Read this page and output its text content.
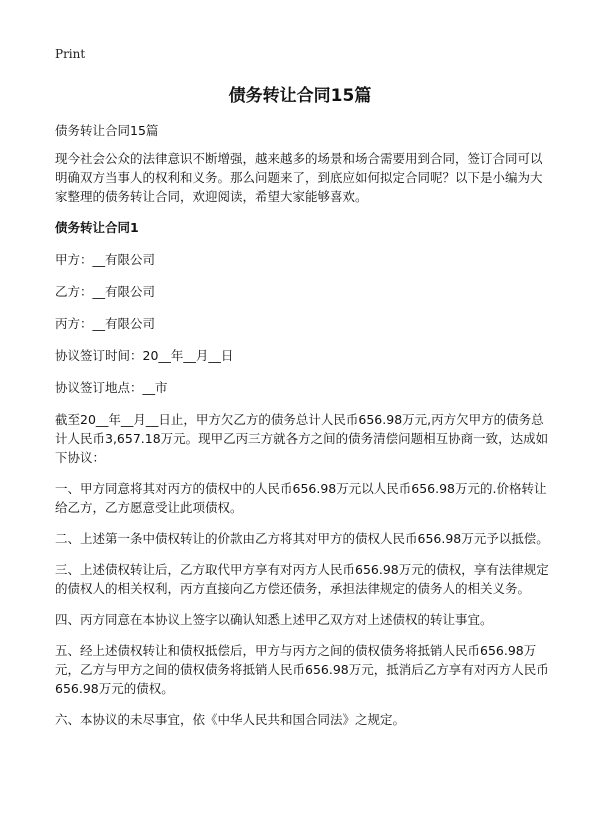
Print
债务转让合同15篇

债务转让合同15篇

现今社会公众的法律意识不断增强，越来越多的场景和场合需要用到合同，签订合同可以明确双方当事人的权利和义务。那么问题来了，到底应如何拟定合同呢？以下是小编为大家整理的债务转让合同，欢迎阅读，希望大家能够喜欢。

债务转让合同1

甲方：__有限公司

乙方：__有限公司

丙方：__有限公司

协议签订时间：20__年__月__日

协议签订地点：__市

截至20__年__月__日止，甲方欠乙方的债务总计人民币656.98万元,丙方欠甲方的债务总计人民币3,657.18万元。现甲乙丙三方就各方之间的债务清偿问题相互协商一致，达成如下协议：

一、甲方同意将其对丙方的债权中的人民币656.98万元以人民币656.98万元的.价格转让给乙方，乙方愿意受让此项债权。

二、上述第一条中债权转让的价款由乙方将其对甲方的债权人民币656.98万元予以抵偿。

三、上述债权转让后，乙方取代甲方享有对丙方人民币656.98万元的债权，享有法律规定的债权人的相关权利，丙方直接向乙方偿还债务，承担法律规定的债务人的相关义务。

四、丙方同意在本协议上签字以确认知悉上述甲乙双方对上述债权的转让事宜。

五、经上述债权转让和债权抵偿后，甲方与丙方之间的债权债务将抵销人民币656.98万元，乙方与甲方之间的债权债务将抵销人民币656.98万元，抵消后乙方享有对丙方人民币656.98万元的债权。

六、本协议的未尽事宜，依《中华人民共和国合同法》之规定。
